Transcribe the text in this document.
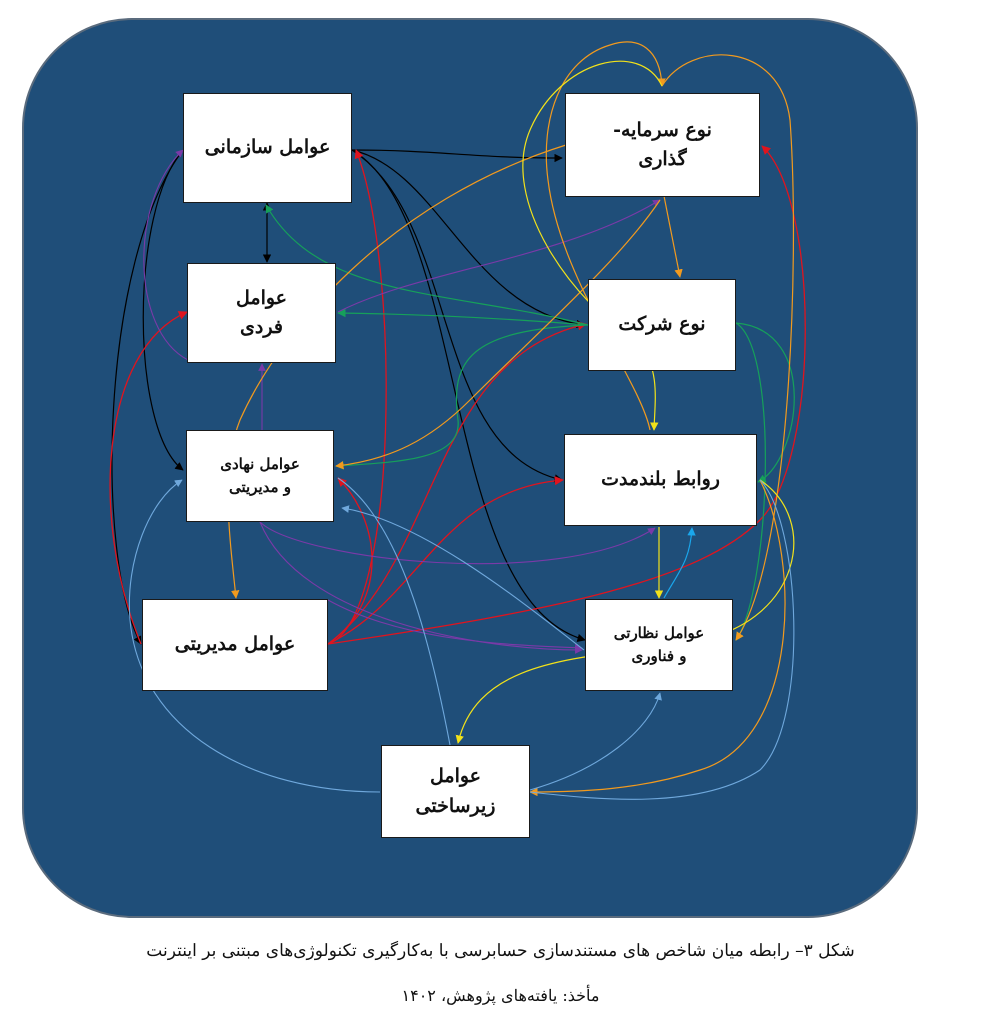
عوامل سازمانی
عوامل
فردی
عوامل نهادی
و مدیریتی
عوامل مدیریتی
عوامل
زیرساختی
نوع سرمایه-
گذاری
نوع شرکت
روابط بلندمدت
عوامل نظارتی
و فناوری
شکل ۳– رابطه میان شاخص های مستندسازی حسابرسی با به‌کارگیری تکنولوژی‌های مبتنی بر اینترنت
مأخذ: یافته‌های پژوهش، ۱۴۰۲
